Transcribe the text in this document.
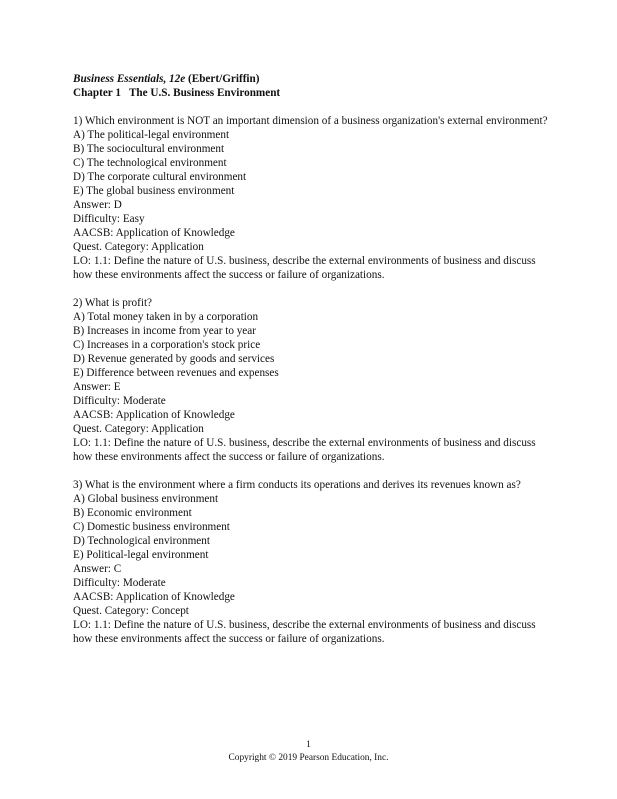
Business Essentials, 12e (Ebert/Griffin)
Chapter 1 The U.S. Business Environment
1) Which environment is NOT an important dimension of a business organization's external environment?
A) The political-legal environment
B) The sociocultural environment
C) The technological environment
D) The corporate cultural environment
E) The global business environment
Answer: D
Difficulty: Easy
AACSB: Application of Knowledge
Quest. Category: Application
LO: 1.1: Define the nature of U.S. business, describe the external environments of business and discuss how these environments affect the success or failure of organizations.
2) What is profit?
A) Total money taken in by a corporation
B) Increases in income from year to year
C) Increases in a corporation's stock price
D) Revenue generated by goods and services
E) Difference between revenues and expenses
Answer: E
Difficulty: Moderate
AACSB: Application of Knowledge
Quest. Category: Application
LO: 1.1: Define the nature of U.S. business, describe the external environments of business and discuss how these environments affect the success or failure of organizations.
3) What is the environment where a firm conducts its operations and derives its revenues known as?
A) Global business environment
B) Economic environment
C) Domestic business environment
D) Technological environment
E) Political-legal environment
Answer: C
Difficulty: Moderate
AACSB: Application of Knowledge
Quest. Category: Concept
LO: 1.1: Define the nature of U.S. business, describe the external environments of business and discuss how these environments affect the success or failure of organizations.
1
Copyright © 2019 Pearson Education, Inc.
